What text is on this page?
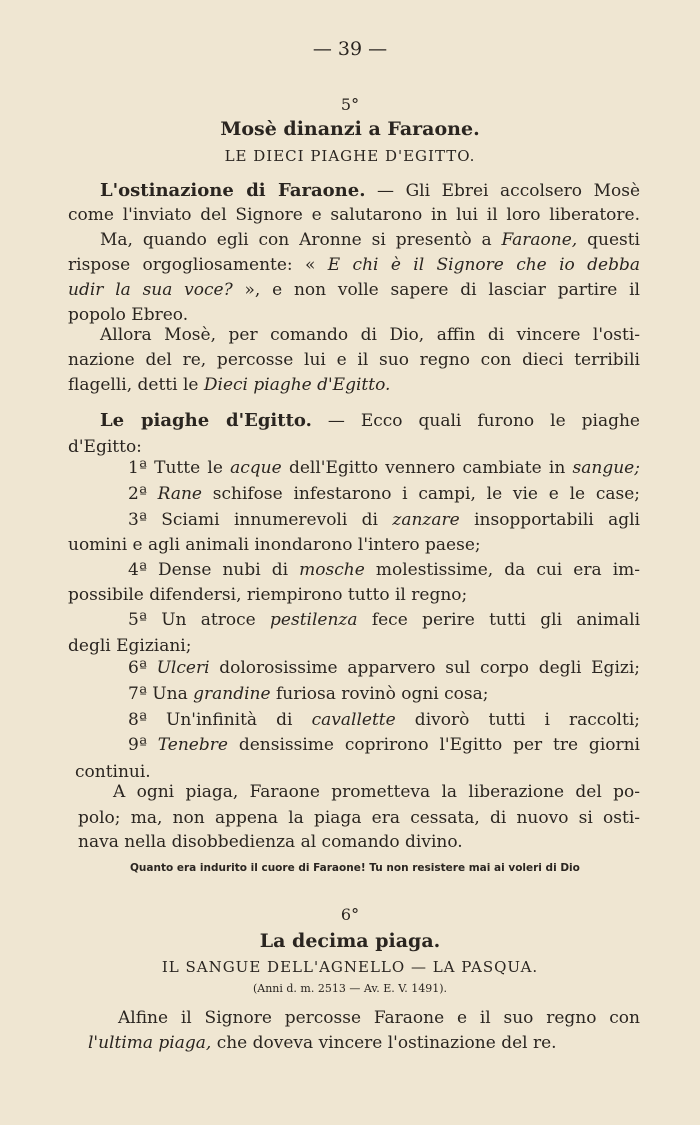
— 39 —
5°
Mosè dinanzi a Faraone.
LE DIECI PIAGHE D'EGITTO.
L'ostinazione di Faraone. — Gli Ebrei accolsero Mosè
come l'inviato del Signore e salutarono in lui il loro liberatore.
Ma, quando egli con Aronne si presentò a Faraone, questi
rispose orgogliosamente: « E chi è il Signore che io debba
udir la sua voce? », e non volle sapere di lasciar partire il
popolo Ebreo.
Allora Mosè, per comando di Dio, affin di vincere l'osti-
nazione del re, percosse lui e il suo regno con dieci terribili
flagelli, detti le Dieci piaghe d'Egitto.
Le piaghe d'Egitto. — Ecco quali furono le piaghe
d'Egitto:
1ª Tutte le acque dell'Egitto vennero cambiate in sangue;
2ª Rane schifose infestarono i campi, le vie e le case;
3ª Sciami innumerevoli di zanzare insopportabili agli
uomini e agli animali inondarono l'intero paese;
4ª Dense nubi di mosche molestissime, da cui era im-
possibile difendersi, riempirono tutto il regno;
5ª Un atroce pestilenza fece perire tutti gli animali
degli Egiziani;
6ª Ulceri dolorosissime apparvero sul corpo degli Egizi;
7ª Una grandine furiosa rovinò ogni cosa;
8ª Un'infinità di cavallette divorò tutti i raccolti;
9ª Tenebre densissime coprirono l'Egitto per tre giorni
continui.
A ogni piaga, Faraone prometteva la liberazione del po-
polo; ma, non appena la piaga era cessata, di nuovo si osti-
nava nella disobbedienza al comando divino.
Quanto era indurito il cuore di Faraone! Tu non resistere mai ai voleri di Dio
6°
La decima piaga.
IL SANGUE DELL'AGNELLO — LA PASQUA.
(Anni d. m. 2513 — Av. E. V. 1491).
Alfine il Signore percosse Faraone e il suo regno con
l'ultima piaga, che doveva vincere l'ostinazione del re.
